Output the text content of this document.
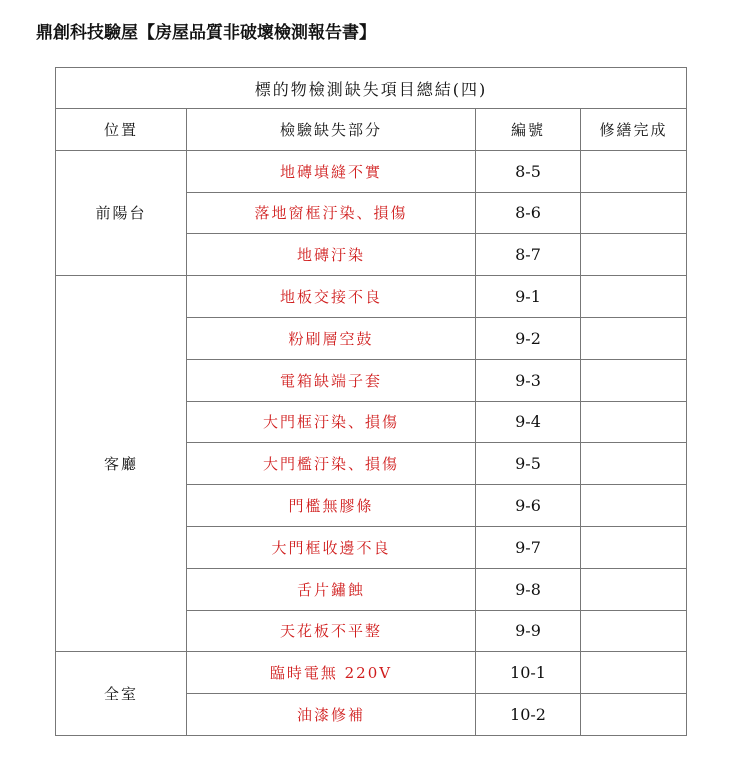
鼎創科技驗屋【房屋品質非破壞檢測報告書】
標的物檢測缺失項目總結(四)			
位置	檢驗缺失部分	編號	修繕完成
前陽台	地磚填縫不實	8-5	
	落地窗框汙染、損傷	8-6	
	地磚汙染	8-7	
客廳	地板交接不良	9-1	
	粉刷層空鼓	9-2	
	電箱缺端子套	9-3	
	大門框汙染、損傷	9-4	
	大門檻汙染、損傷	9-5	
	門檻無膠條	9-6	
	大門框收邊不良	9-7	
	舌片鏽蝕	9-8	
	天花板不平整	9-9	
全室	臨時電無 220V	10-1	
	油漆修補	10-2	
